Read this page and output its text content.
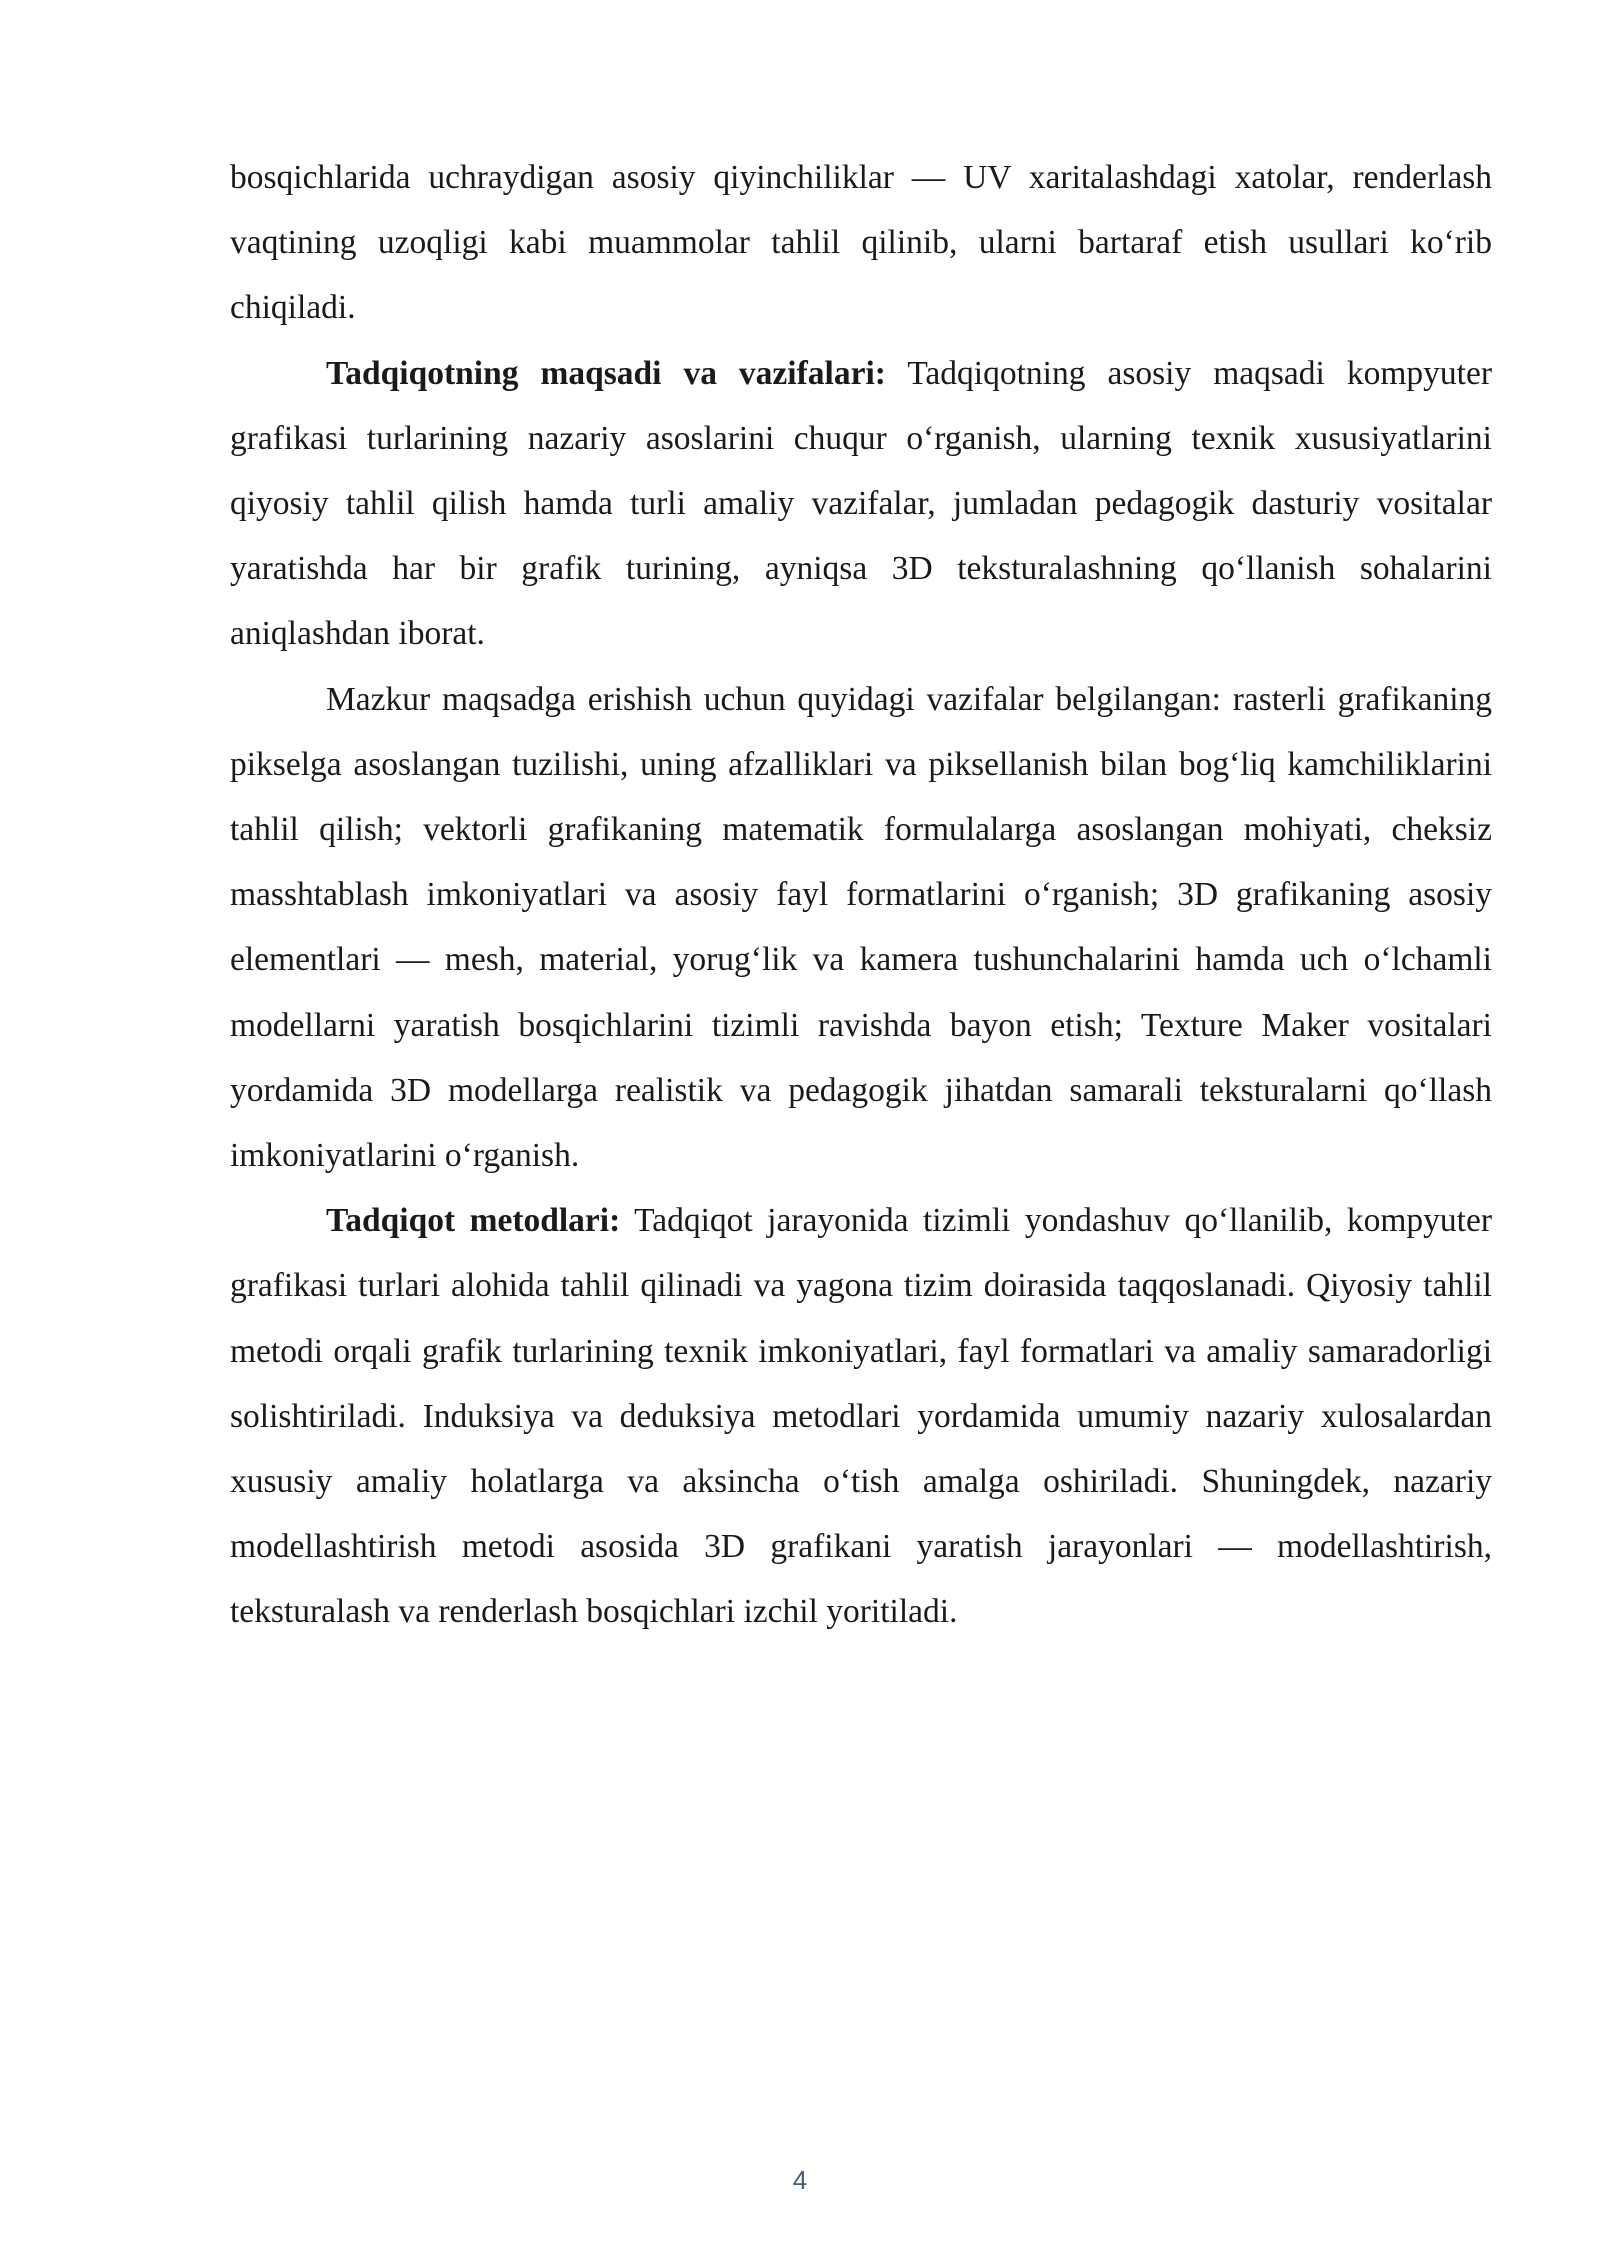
bosqichlarida uchraydigan asosiy qiyinchiliklar — UV xaritalashdagi xatolar, renderlash vaqtining uzoqligi kabi muammolar tahlil qilinib, ularni bartaraf etish usullari ko‘rib chiqiladi.

Tadqiqotning maqsadi va vazifalari: Tadqiqotning asosiy maqsadi kompyuter grafikasi turlarining nazariy asoslarini chuqur o‘rganish, ularning texnik xususiyatlarini qiyosiy tahlil qilish hamda turli amaliy vazifalar, jumladan pedagogik dasturiy vositalar yaratishda har bir grafik turining, ayniqsa 3D teksturalashning qo‘llanish sohalarini aniqlashdan iborat.

Mazkur maqsadga erishish uchun quyidagi vazifalar belgilangan: rasterli grafikaning pikselga asoslangan tuzilishi, uning afzalliklari va piksellanish bilan bog‘liq kamchiliklarini tahlil qilish; vektorli grafikaning matematik formulalarga asoslangan mohiyati, cheksiz masshtablash imkoniyatlari va asosiy fayl formatlarini o‘rganish; 3D grafikaning asosiy elementlari — mesh, material, yorug‘lik va kamera tushunchalarini hamda uch o‘lchamli modellarni yaratish bosqichlarini tizimli ravishda bayon etish; Texture Maker vositalari yordamida 3D modellarga realistik va pedagogik jihatdan samarali teksturalarni qo‘llash imkoniyatlarini o‘rganish.

Tadqiqot metodlari: Tadqiqot jarayonida tizimli yondashuv qo‘llanilib, kompyuter grafikasi turlari alohida tahlil qilinadi va yagona tizim doirasida taqqoslanadi. Qiyosiy tahlil metodi orqali grafik turlarining texnik imkoniyatlari, fayl formatlari va amaliy samaradorligi solishtiriladi. Induksiya va deduksiya metodlari yordamida umumiy nazariy xulosalardan xususiy amaliy holatlarga va aksincha o‘tish amalga oshiriladi. Shuningdek, nazariy modellashtirish metodi asosida 3D grafikani yaratish jarayonlari — modellashtirish, teksturalash va renderlash bosqichlari izchil yoritiladi.

4
